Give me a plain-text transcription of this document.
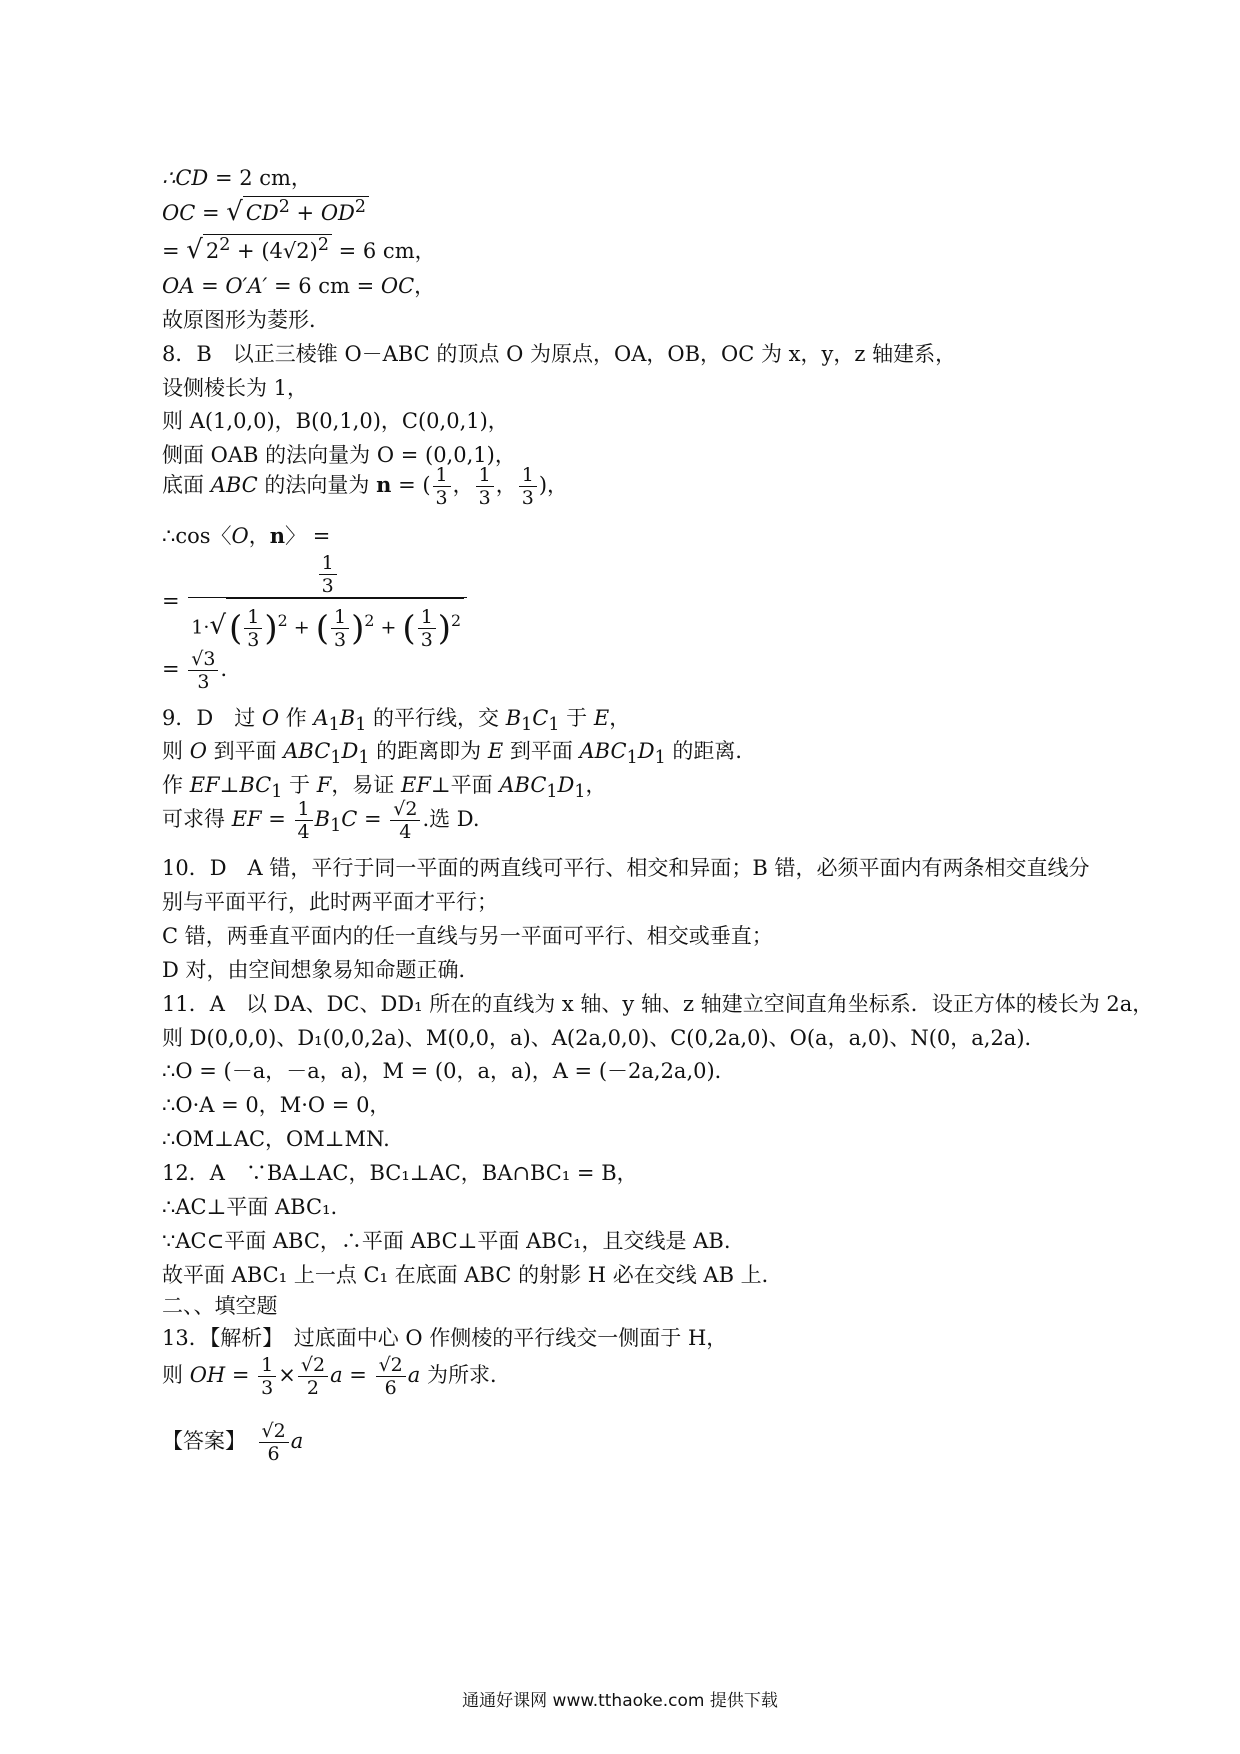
∴CD = 2 cm，
OC = √ $CD^2 + OD^2$
= √ $2^2 + (4√2)^2 = 6$ cm，
OA = O′A′ = 6 cm = OC，
故原图形为菱形．
8．B　以正三棱锥 O－ABC 的顶点 O 为原点，OA，OB，OC 为 x，y，z 轴建系，
设侧棱长为 1，
则 A(1,0,0)，B(0,1,0)，C(0,0,1)，
侧面 OAB 的法向量为 O = (0,0,1)，
底面 ABC 的法向量为 n = ( $\frac{1}{3}$ ， $\frac{1}{3}$ ， $\frac{1}{3}$ )，
∴cos〈O，n〉 =
= $\frac{\frac{1}{3}}{1\cdot√( \frac{1}{3} )^2 + ( \frac{1}{3} )^2 + ( \frac{1}{3} )^2}$
= $\frac{√3}{3}$ ．
9．D　过 O 作 $A_1B_1$ 的平行线，交 $B_1C_1$ 于 E，
则 O 到平面 $ABC_1D_1$ 的距离即为 E 到平面 $ABC_1D_1$ 的距离．
作 $EF\perp BC_1$ 于 F，易证 EF⊥平面 $ABC_1D_1$，
可求得 EF = $\frac{1}{4} B_1C = \frac{√2}{4}$ .选 D.
10．D　A 错，平行于同一平面的两直线可平行、相交和异面；B 错，必须平面内有两条相交直线分
别与平面平行，此时两平面才平行；
C 错，两垂直平面内的任一直线与另一平面可平行、相交或垂直；
D 对，由空间想象易知命题正确．
11．A　以 DA、DC、DD₁ 所在的直线为 x 轴、y 轴、z 轴建立空间直角坐标系．设正方体的棱长为 2a，
则 D(0,0,0)、D₁(0,0,2a)、M(0,0，a)、A(2a,0,0)、C(0,2a,0)、O(a，a,0)、N(0，a,2a)．
∴O = (－a，－a，a)，M = (0，a，a)，A = (－2a,2a,0)．
∴O·A = 0，M·O = 0，
∴OM⊥AC，OM⊥MN.
12．A　∵BA⊥AC，BC₁⊥AC，BA∩BC₁ = B，
∴AC⊥平面 ABC₁.
∵AC⊂平面 ABC，∴平面 ABC⊥平面 ABC₁，且交线是 AB.
故平面 ABC₁ 上一点 C₁ 在底面 ABC 的射影 H 必在交线 AB 上．
二、、填空题
13．【解析】　过底面中心 O 作侧棱的平行线交一侧面于 H，
则 OH = $\frac{1}{3} \times \frac{√2}{2}$ $a = \frac{√2}{6}$ a 为所求．
【答案】　 $\frac{√2}{6}$ a
通通好课网 www.tthaoke.com 提供下载
